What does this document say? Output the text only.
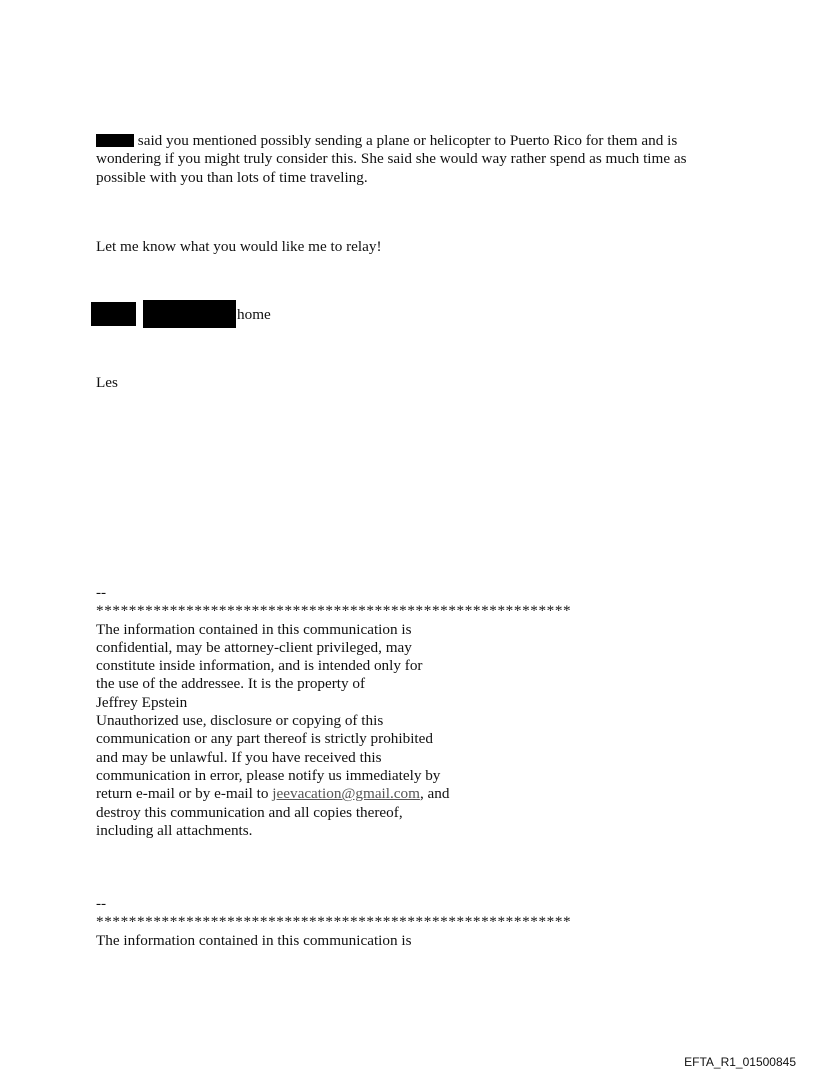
said you mentioned possibly sending a plane or helicopter to Puerto Rico for them and is
wondering if you might truly consider this. She said she would way rather spend as much time as
possible with you than lots of time traveling.

Let me know what you would like me to relay!

home

Les

--
**********************************************************
The information contained in this communication is
confidential, may be attorney-client privileged, may
constitute inside information, and is intended only for
the use of the addressee. It is the property of
Jeffrey Epstein
Unauthorized use, disclosure or copying of this
communication or any part thereof is strictly prohibited
and may be unlawful. If you have received this
communication in error, please notify us immediately by
return e-mail or by e-mail to jeevacation@gmail.com, and
destroy this communication and all copies thereof,
including all attachments.
--
**********************************************************
The information contained in this communication is

EFTA_R1_01500845
